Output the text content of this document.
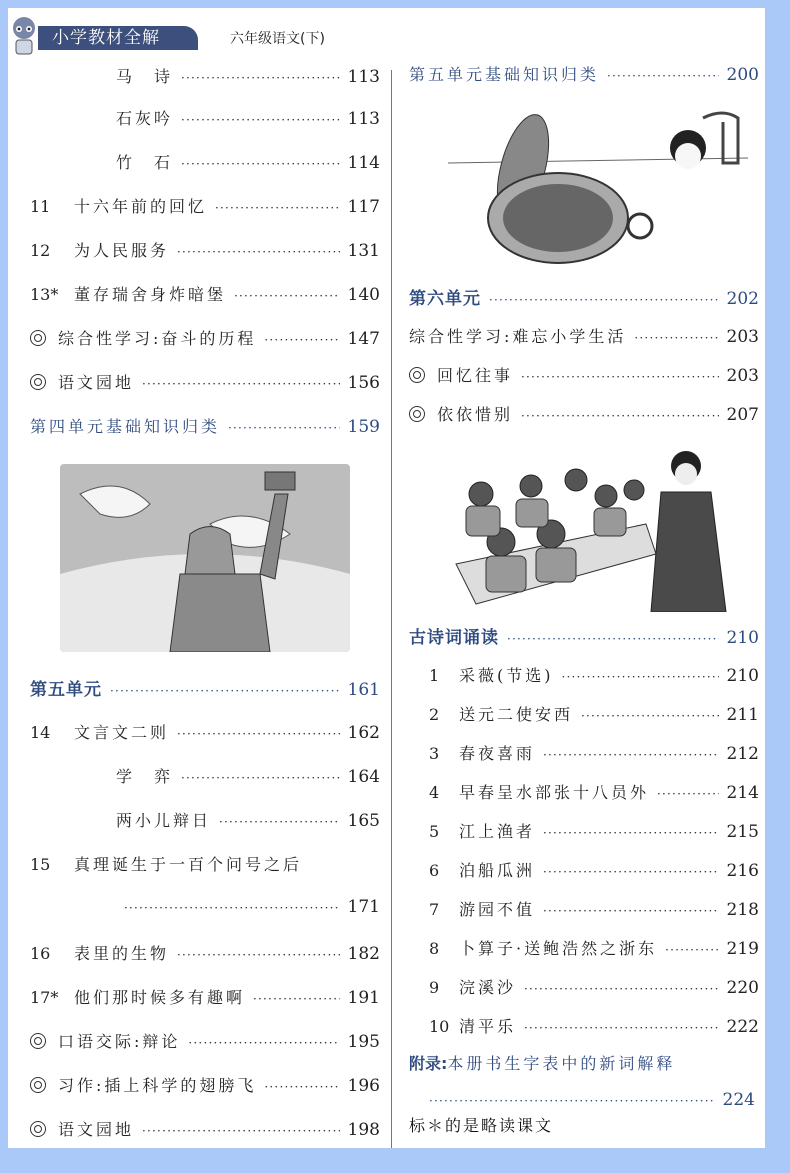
小学教材全解	六年级语文(下)
马　诗 ·····	113
石灰吟 ·····	113
竹　石 ·····	114
11	十六年前的回忆 ·····	117
12	为人民服务 ·····	131
13* 董存瑞舍身炸暗堡 ·····	140
综合性学习:奋斗的历程 ·····	147
语文园地 ·····	156
第四单元基础知识归类 ·····	159
第五单元 ·····	161
14	文言文二则 ·····	162
学　弈 ·····	164
两小儿辩日 ·····	165
15	真理诞生于一百个问号之后
·····
171
16	表里的生物 ·····	182
17* 他们那时候多有趣啊 ·····	191
口语交际:辩论 ·····	195
习作:插上科学的翅膀飞 ·····	196
语文园地 ·····	198
第五单元基础知识归类 ·····	200
第六单元 ·····	202
综合性学习:难忘小学生活 ·····	203
回忆往事 ·····	203
依依惜别 ·····	207
古诗词诵读 ·····	210
1	采薇(节选) ·····	210
2	送元二使安西 ·····	211
3	春夜喜雨 ·····	212
4	早春呈水部张十八员外 ·····	214
5	江上渔者 ·····	215
6	泊船瓜洲 ·····	216
7	游园不值 ·····	218
8	卜算子·送鲍浩然之浙东 ·····	219
9	浣溪沙 ·····	220
10 清平乐 ·····	222
附录: 本册书生字表中的新词解释
·····
224
标＊的是略读课文
